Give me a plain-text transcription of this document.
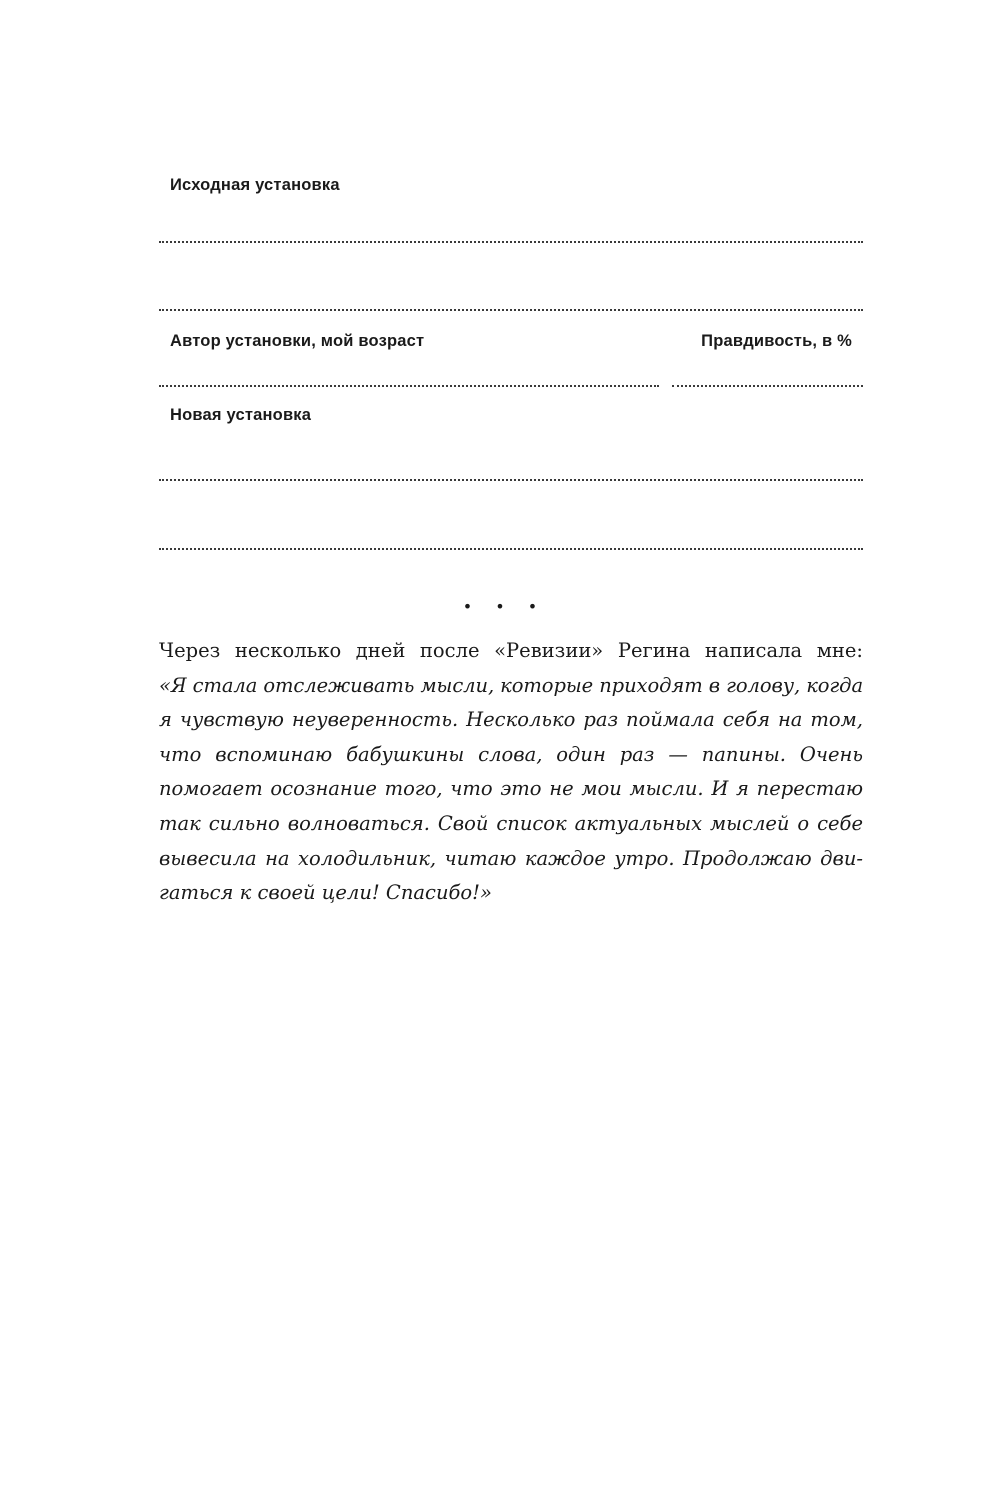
Исходная установка
Автор установки, мой возраст	Правдивость, в %
Новая установка
• • •
Через несколько дней после «Ревизии» Регина написала мне:
«Я стала отслеживать мысли, которые приходят в голову, когда
я чувствую неуверенность. Несколько раз поймала себя на том,
что вспоминаю бабушкины слова, один раз — папины. Очень
помогает осознание того, что это не мои мысли. И я перестаю
так сильно волноваться. Свой список актуальных мыслей о себе
вывесила на холодильник, читаю каждое утро. Продолжаю дви-
гаться к своей цели! Спасибо!»
